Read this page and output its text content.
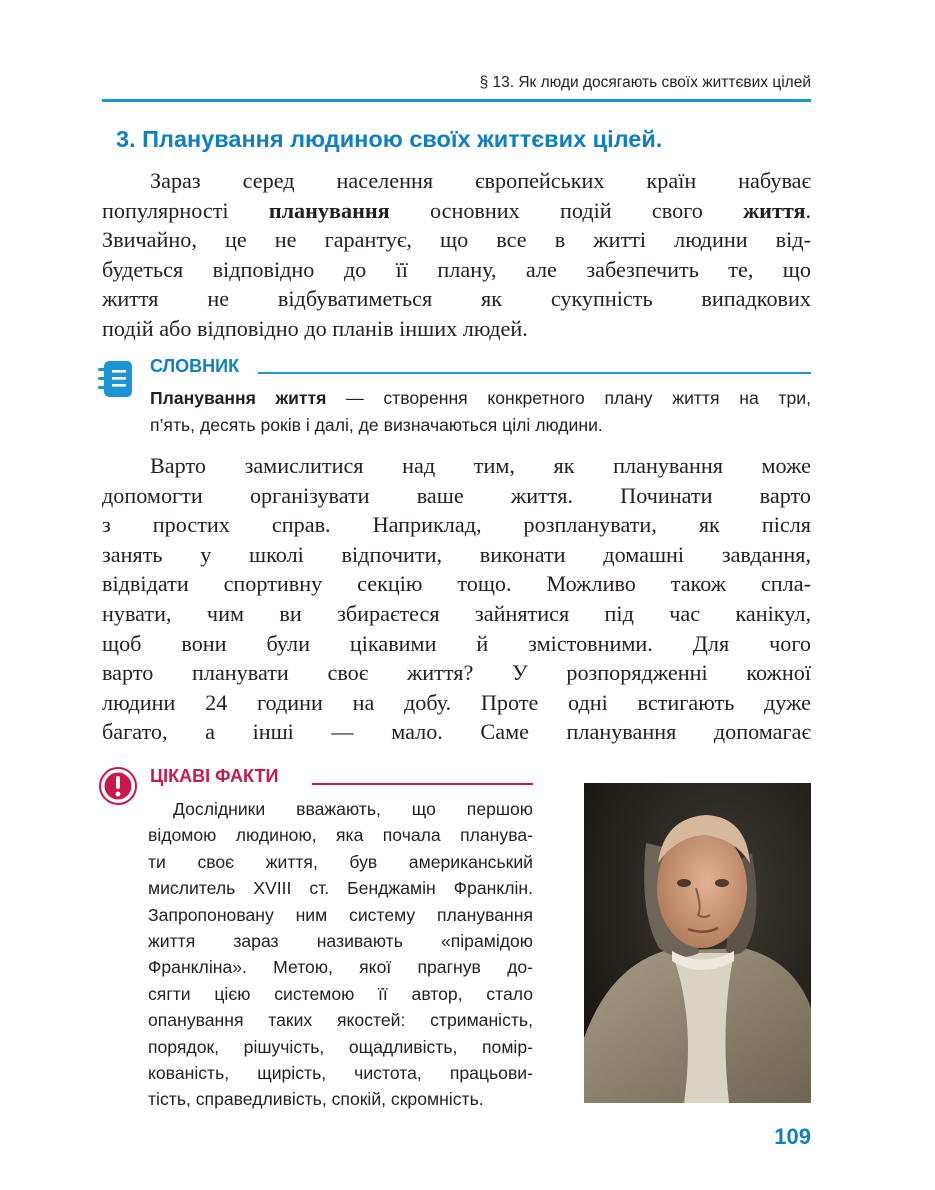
§ 13. Як люди досягають своїх життєвих цілей
3. Планування людиною своїх життєвих цілей.

Зараз серед населення європейських країн набуває
популярності планування основних подій свого життя.
Звичайно, це не гарантує, що все в житті людини від-
будеться відповідно до її плану, але забезпечить те, що
життя не відбуватиметься як сукупність випадкових
подій або відповідно до планів інших людей.

СЛОВНИК

Планування життя — створення конкретного плану життя на три,
п’ять, десять років і далі, де визначаються цілі людини.

Варто замислитися над тим, як планування може
допомогти організувати ваше життя. Починати варто
з простих справ. Наприклад, розпланувати, як після
занять у школі відпочити, виконати домашні завдання,
відвідати спортивну секцію тощо. Можливо також спла-
нувати, чим ви збираєтеся зайнятися під час канікул,
щоб вони були цікавими й змістовними. Для чого
варто планувати своє життя? У розпорядженні кожної
людини 24 години на добу. Проте одні встигають дуже
багато, а інші — мало. Саме планування допомагає

ЦІКАВІ ФАКТИ

Дослідники вважають, що першою
відомою людиною, яка почала планува-
ти своє життя, був американський
мислитель XVIII ст. Бенджамін Франклін.
Запропоновану ним систему планування
життя зараз називають «пірамідою
Франкліна». Метою, якої прагнув до-
сягти цією системою її автор, стало
опанування таких якостей: стриманість,
порядок, рішучість, ощадливість, помір-
кованість, щирість, чистота, працьови-
тість, справедливість, спокій, скромність.

109
